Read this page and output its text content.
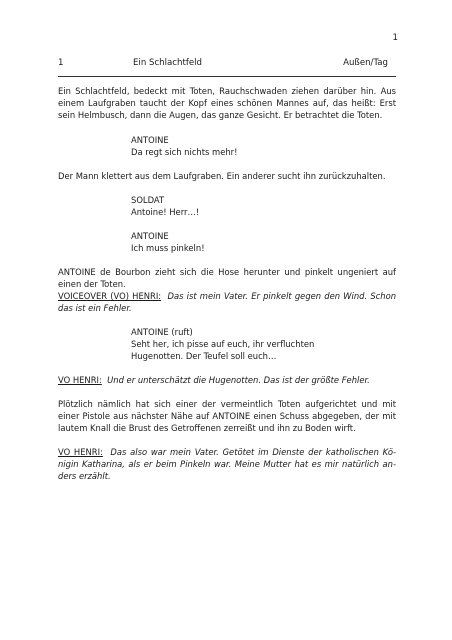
1
1	Ein Schlachtfeld	Außen/Tag
Ein Schlachtfeld, bedeckt mit Toten, Rauchschwaden ziehen darüber hin. Aus einem Laufgraben taucht der Kopf eines schönen Mannes auf, das heißt: Erst sein Helmbusch, dann die Augen, das ganze Gesicht. Er betrachtet die Toten.
ANTOINE
Da regt sich nichts mehr!
Der Mann klettert aus dem Laufgraben. Ein anderer sucht ihn zurückzuhalten.
SOLDAT
Antoine! Herr…!
ANTOINE
Ich muss pinkeln!
ANTOINE de Bourbon zieht sich die Hose herunter und pinkelt ungeniert auf einen der Toten.
VOICEOVER (VO) HENRI: Das ist mein Vater. Er pinkelt gegen den Wind. Schon das ist ein Fehler.
ANTOINE (ruft)
Seht her, ich pisse auf euch, ihr verfluchten
Hugenotten. Der Teufel soll euch…
VO HENRI: Und er unterschätzt die Hugenotten. Das ist der größte Fehler.
Plötzlich nämlich hat sich einer der vermeintlich Toten aufgerichtet und mit einer Pistole aus nächster Nähe auf ANTOINE einen Schuss abgegeben, der mit lautem Knall die Brust des Getroffenen zerreißt und ihn zu Boden wirft.
VO HENRI: Das also war mein Vater. Getötet im Dienste der katholischen Königin Katharina, als er beim Pinkeln war. Meine Mutter hat es mir natürlich anders erzählt.
